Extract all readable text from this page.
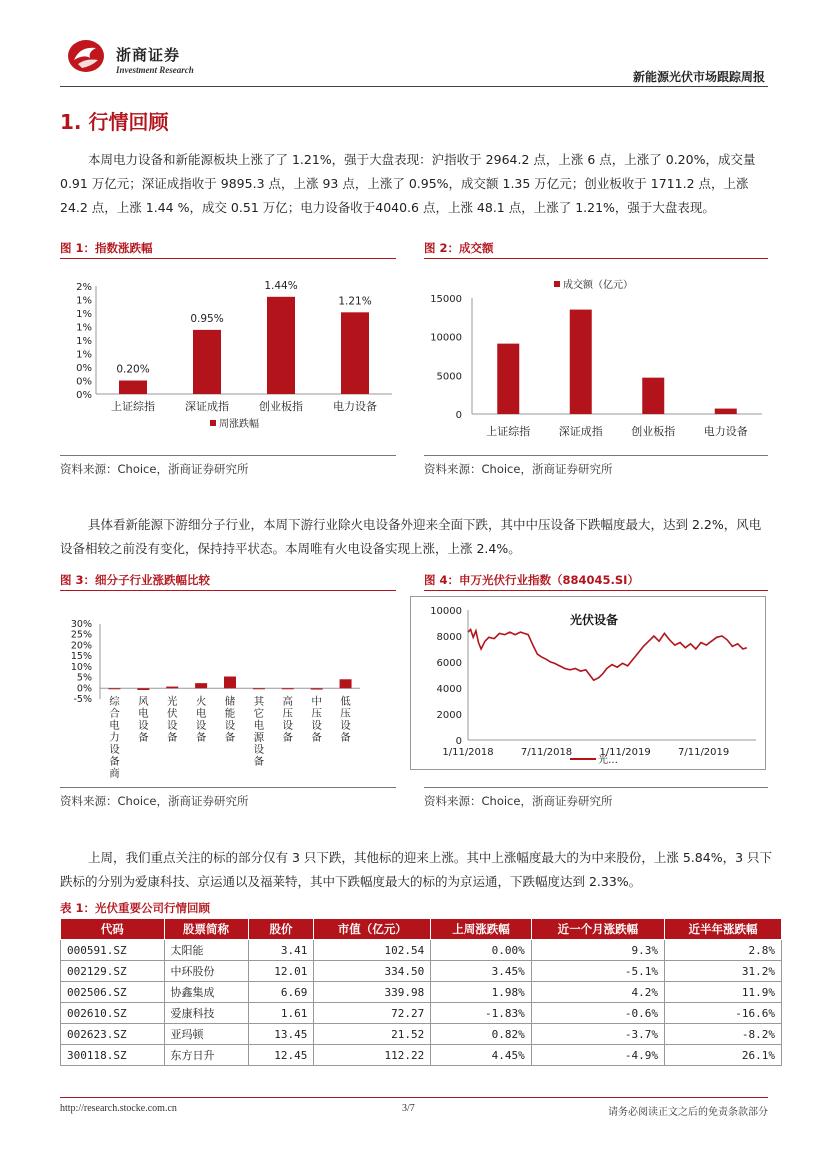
浙商证券
Investment Research	新能源光伏市场跟踪周报
1. 行情回顾

本周电力设备和新能源板块上涨了了 1.21%，强于大盘表现：沪指收于 2964.2 点，上涨 6 点，上涨了 0.20%，成交量 0.91 万亿元；深证成指收于 9895.3 点，上涨 93 点，上涨了 0.95%，成交额 1.35 万亿元；创业板收于 1711.2 点，上涨 24.2 点，上涨 1.44 %，成交 0.51 万亿；电力设备收于4040.6 点，上涨 48.1 点，上涨了 1.21%，强于大盘表现。

图 1：指数涨跌幅
2%
1%
1%
1%
1%
1%
0%
0%
0%
0.20%
上证综指
0.95%
深证成指
1.44%
创业板指
1.21%
电力设备
周涨跌幅
资料来源：Choice，浙商证券研究所
图 2：成交额
成交额（亿元）
15000
10000
5000
0
上证综指	深证成指	创业板指	电力设备
资料来源：Choice，浙商证券研究所

具体看新能源下游细分子行业，本周下游行业除火电设备外迎来全面下跌，其中中压设备下跌幅度最大，达到 2.2%，风电设备相较之前没有变化，保持持平状态。本周唯有火电设备实现上涨，上涨 2.4%。

图 3：细分子行业涨跌幅比较
30%
25%
20%
15%
10%
5%
0%
-5% 综合电力设备商
风电设备
光伏设备
火电设备
储能设备
其它电源设备
高压设备
中压设备
低压设备
资料来源：Choice，浙商证券研究所
图 4：申万光伏行业指数（884045.SI）
10000
8000
6000
4000
2000
0
1/11/2018	7/11/2018	1/11/2019	7/11/2019
光伏设备
光…
资料来源：Choice，浙商证券研究所

上周，我们重点关注的标的部分仅有 3 只下跌，其他标的迎来上涨。其中上涨幅度最大的为中来股份，上涨 5.84%，3 只下跌标的分别为爱康科技、京运通以及福莱特，其中下跌幅度最大的标的为京运通，下跌幅度达到 2.33%。

表 1：光伏重要公司行情回顾
代码	股票简称	股价	市值（亿元）	上周涨跌幅	近一个月涨跌幅	近半年涨跌幅
000591.SZ	太阳能	3.41	102.54	0.00%	9.3%	2.8%
002129.SZ	中环股份	12.01	334.50	3.45%	-5.1%	31.2%
002506.SZ	协鑫集成	6.69	339.98	1.98%	4.2%	11.9%
002610.SZ	爱康科技	1.61	72.27	-1.83%	-0.6%	-16.6%
002623.SZ	亚玛顿	13.45	21.52	0.82%	-3.7%	-8.2%
300118.SZ	东方日升	12.45	112.22	4.45%	-4.9%	26.1%
http://research.stocke.com.cn	3/7	请务必阅读正文之后的免责条款部分
